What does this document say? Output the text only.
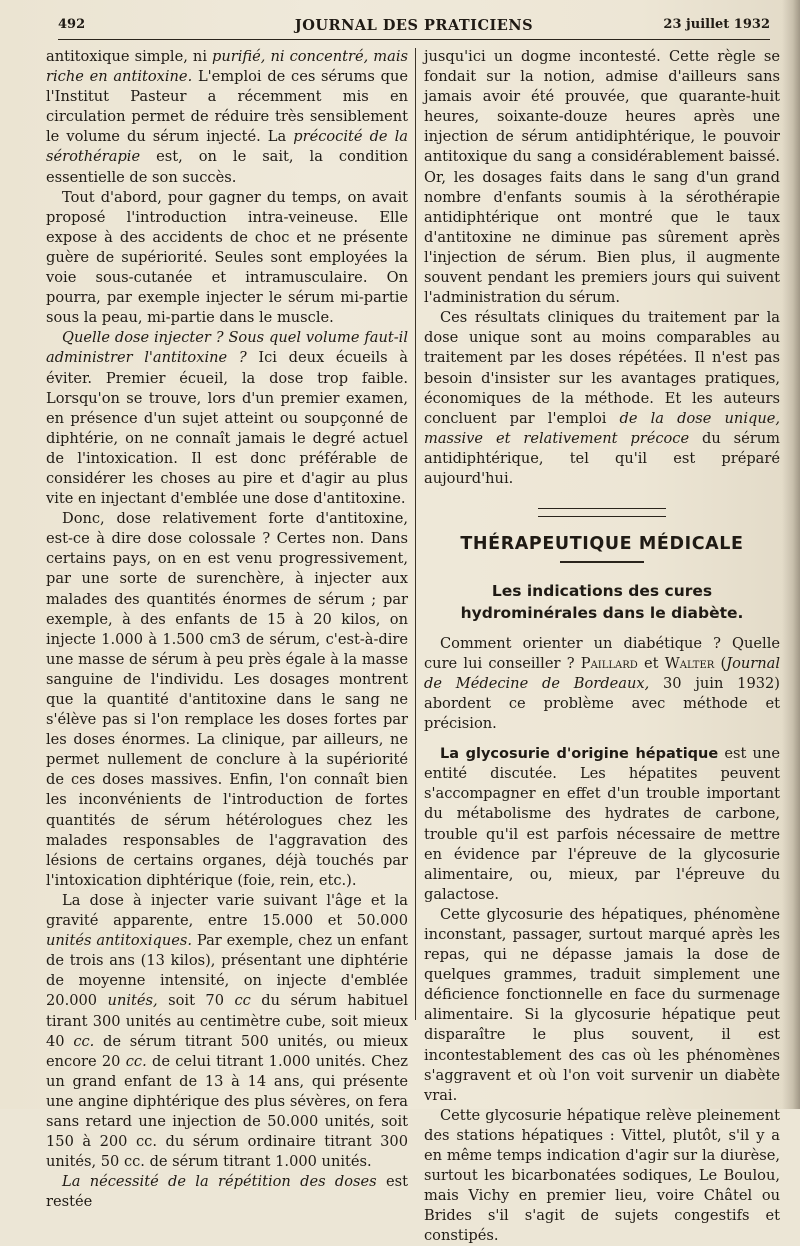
492	JOURNAL DES PRATICIENS	23 juillet 1932

antitoxique simple, ni purifié, ni concentré, mais riche en antitoxine. L'emploi de ces sérums que l'Institut Pasteur a récemment mis en circulation permet de réduire très sensiblement le volume du sérum injecté. La précocité de la sérothérapie est, on le sait, la condition essentielle de son succès.

Tout d'abord, pour gagner du temps, on avait proposé l'introduction intra-veineuse. Elle expose à des accidents de choc et ne présente guère de supériorité. Seules sont employées la voie sous-cutanée et intramusculaire. On pourra, par exemple injecter le sérum mi-partie sous la peau, mi-partie dans le muscle.

Quelle dose injecter ? Sous quel volume faut-il administrer l'antitoxine ? Ici deux écueils à éviter. Premier écueil, la dose trop faible. Lorsqu'on se trouve, lors d'un premier examen, en présence d'un sujet atteint ou soupçonné de diphtérie, on ne connaît jamais le degré actuel de l'intoxication. Il est donc préférable de considérer les choses au pire et d'agir au plus vite en injectant d'emblée une dose d'antitoxine.

Donc, dose relativement forte d'antitoxine, est-ce à dire dose colossale ? Certes non. Dans certains pays, on en est venu progressivement, par une sorte de surenchère, à injecter aux malades des quantités énormes de sérum ; par exemple, à des enfants de 15 à 20 kilos, on injecte 1.000 à 1.500 cm3 de sérum, c'est-à-dire une masse de sérum à peu près égale à la masse sanguine de l'individu. Les dosages montrent que la quantité d'antitoxine dans le sang ne s'élève pas si l'on remplace les doses fortes par les doses énormes. La clinique, par ailleurs, ne permet nullement de conclure à la supériorité de ces doses massives. Enfin, l'on connaît bien les inconvénients de l'introduction de fortes quantités de sérum hétérologues chez les malades responsables de l'aggravation des lésions de certains organes, déjà touchés par l'intoxication diphtérique (foie, rein, etc.).

La dose à injecter varie suivant l'âge et la gravité apparente, entre 15.000 et 50.000 unités antitoxiques. Par exemple, chez un enfant de trois ans (13 kilos), présentant une diphtérie de moyenne intensité, on injecte d'emblée 20.000 unités, soit 70 cc du sérum habituel tirant 300 unités au centimètre cube, soit mieux 40 cc. de sérum titrant 500 unités, ou mieux encore 20 cc. de celui titrant 1.000 unités. Chez un grand enfant de 13 à 14 ans, qui présente une angine diphtérique des plus sévères, on fera sans retard une injection de 50.000 unités, soit 150 à 200 cc. du sérum ordinaire titrant 300 unités, 50 cc. de sérum titrant 1.000 unités.

La nécessité de la répétition des doses est restée

jusqu'ici un dogme incontesté. Cette règle se fondait sur la notion, admise d'ailleurs sans jamais avoir été prouvée, que quarante-huit heures, soixante-douze heures après une injection de sérum antidiphtérique, le pouvoir antitoxique du sang a considérablement baissé. Or, les dosages faits dans le sang d'un grand nombre d'enfants soumis à la sérothérapie antidiphtérique ont montré que le taux d'antitoxine ne diminue pas sûrement après l'injection de sérum. Bien plus, il augmente souvent pendant les premiers jours qui suivent l'administration du sérum.

Ces résultats cliniques du traitement par la dose unique sont au moins comparables au traitement par les doses répétées. Il n'est pas besoin d'insister sur les avantages pratiques, économiques de la méthode. Et les auteurs concluent par l'emploi de la dose unique, massive et relativement précoce du sérum antidiphtérique, tel qu'il est préparé aujourd'hui.

THÉRAPEUTIQUE MÉDICALE
Les indications des cures
hydrominérales dans le diabète.

Comment orienter un diabétique ? Quelle cure lui conseiller ? Paillard et Walter (Journal de Médecine de Bordeaux, 30 juin 1932) abordent ce problème avec méthode et précision.

La glycosurie d'origine hépatique est une entité discutée. Les hépatites peuvent s'accompagner en effet d'un trouble important du métabolisme des hydrates de carbone, trouble qu'il est parfois nécessaire de mettre en évidence par l'épreuve de la glycosurie alimentaire, ou, mieux, par l'épreuve du galactose.

Cette glycosurie des hépatiques, phénomène inconstant, passager, surtout marqué après les repas, qui ne dépasse jamais la dose de quelques grammes, traduit simplement une déficience fonctionnelle en face du surmenage alimentaire. Si la glycosurie hépatique peut disparaître le plus souvent, il est incontestablement des cas où les phénomènes s'aggravent et où l'on voit survenir un diabète vrai.

Cette glycosurie hépatique relève pleinement des stations hépatiques : Vittel, plutôt, s'il y a en même temps indication d'agir sur la diurèse, surtout les bicarbonatées sodiques, Le Boulou, mais Vichy en premier lieu, voire Châtel ou Brides s'il s'agit de sujets congestifs et constipés.
